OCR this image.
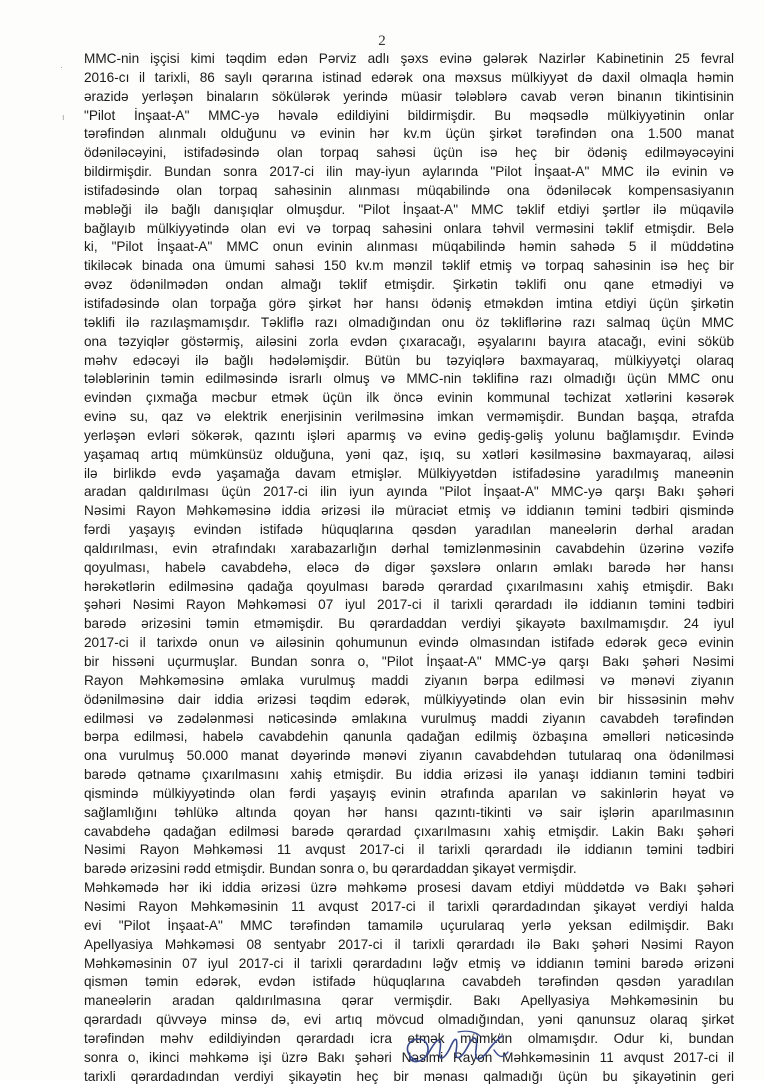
2
·
ı
MMC-nin işçisi kimi təqdim edən Pərviz adlı şəxs evinə gələrək Nazirlər Kabinetinin 25 fevral
2016-cı il tarixli, 86 saylı qərarına istinad edərək ona məxsus mülkiyyət də daxil olmaqla həmin
ərazidə yerləşən binaların sökülərək yerində müasir tələblərə cavab verən binanın tikintisinin
"Pilot İnşaat-A" MMC-yə həvalə edildiyini bildirmişdir. Bu məqsədlə mülkiyyətinin onlar
tərəfindən alınmalı olduğunu və evinin hər kv.m üçün şirkət tərəfindən ona 1.500 manat
ödəniləcəyini, istifadəsində olan torpaq sahəsi üçün isə heç bir ödəniş edilməyəcəyini
bildirmişdir. Bundan sonra 2017-ci ilin may-iyun aylarında "Pilot İnşaat-A" MMC ilə evinin və
istifadəsində olan torpaq sahəsinin alınması müqabilində ona ödəniləcək kompensasiyanın
məbləği ilə bağlı danışıqlar olmuşdur. "Pilot İnşaat-A" MMC təklif etdiyi şərtlər ilə müqavilə
bağlayıb mülkiyyətində olan evi və torpaq sahəsini onlara təhvil verməsini təklif etmişdir. Belə
ki, "Pilot İnşaat-A" MMC onun evinin alınması müqabilində həmin sahədə 5 il müddətinə
tikiləcək binada ona ümumi sahəsi 150 kv.m mənzil təklif etmiş və torpaq sahəsinin isə heç bir
əvəz ödənilmədən ondan almağı təklif etmişdir. Şirkətin təklifi onu qane etmədiyi və
istifadəsində olan torpağa görə şirkət hər hansı ödəniş etməkdən imtina etdiyi üçün şirkətin
təklifi ilə razılaşmamışdır. Təkliflə razı olmadığından onu öz təkliflərinə razı salmaq üçün MMC
ona təzyiqlər göstərmiş, ailəsini zorla evdən çıxaracağı, əşyalarını bayıra atacağı, evini söküb
məhv edəcəyi ilə bağlı hədələmişdir. Bütün bu təzyiqlərə baxmayaraq, mülkiyyətçi olaraq
tələblərinin təmin edilməsində israrlı olmuş və MMC-nin təklifinə razı olmadığı üçün MMC onu
evindən çıxmağa məcbur etmək üçün ilk öncə evinin kommunal təchizat xətlərini kəsərək
evinə su, qaz və elektrik enerjisinin verilməsinə imkan verməmişdir. Bundan başqa, ətrafda
yerləşən evləri sökərək, qazıntı işləri aparmış və evinə gediş-gəliş yolunu bağlamışdır. Evində
yaşamaq artıq mümkünsüz olduğuna, yəni qaz, işıq, su xətləri kəsilməsinə baxmayaraq, ailəsi
ilə birlikdə evdə yaşamağa davam etmişlər. Mülkiyyətdən istifadəsinə yaradılmış maneənin
aradan qaldırılması üçün 2017-ci ilin iyun ayında "Pilot İnşaat-A" MMC-yə qarşı Bakı şəhəri
Nəsimi Rayon Məhkəməsinə iddia ərizəsi ilə müraciət etmiş və iddianın təmini tədbiri qismində
fərdi yaşayış evindən istifadə hüquqlarına qəsdən yaradılan maneələrin dərhal aradan
qaldırılması, evin ətrafındakı xarabazarlığın dərhal təmizlənməsinin cavabdehin üzərinə vəzifə
qoyulması, habelə cavabdehə, eləcə də digər şəxslərə onların əmlakı barədə hər hansı
hərəkətlərin edilməsinə qadağa qoyulması barədə qərardad çıxarılmasını xahiş etmişdir. Bakı
şəhəri Nəsimi Rayon Məhkəməsi 07 iyul 2017-ci il tarixli qərardadı ilə iddianın təmini tədbiri
barədə ərizəsini təmin etməmişdir. Bu qərardaddan verdiyi şikayətə baxılmamışdır. 24 iyul
2017-ci il tarixdə onun və ailəsinin qohumunun evində olmasından istifadə edərək gecə evinin
bir hissəni uçurmuşlar. Bundan sonra o, "Pilot İnşaat-A" MMC-yə qarşı Bakı şəhəri Nəsimi
Rayon Məhkəməsinə əmlaka vurulmuş maddi ziyanın bərpa edilməsi və mənəvi ziyanın
ödənilməsinə dair iddia ərizəsi təqdim edərək, mülkiyyətində olan evin bir hissəsinin məhv
edilməsi və zədələnməsi nəticəsində əmlakına vurulmuş maddi ziyanın cavabdeh tərəfindən
bərpa edilməsi, habelə cavabdehin qanunla qadağan edilmiş özbaşına əməlləri nəticəsində
ona vurulmuş 50.000 manat dəyərində mənəvi ziyanın cavabdehdən tutularaq ona ödənilməsi
barədə qətnamə çıxarılmasını xahiş etmişdir. Bu iddia ərizəsi ilə yanaşı iddianın təmini tədbiri
qismində mülkiyyətində olan fərdi yaşayış evinin ətrafında aparılan və sakinlərin həyat və
sağlamlığını təhlükə altında qoyan hər hansı qazıntı-tikinti və sair işlərin aparılmasının
cavabdehə qadağan edilməsi barədə qərardad çıxarılmasını xahiş etmişdir. Lakin Bakı şəhəri
Nəsimi Rayon Məhkəməsi 11 avqust 2017-ci il tarixli qərardadı ilə iddianın təmini tədbiri
barədə ərizəsini rədd etmişdir. Bundan sonra o, bu qərardaddan şikayət vermişdir.
Məhkəmədə hər iki iddia ərizəsi üzrə məhkəmə prosesi davam etdiyi müddətdə və Bakı şəhəri
Nəsimi Rayon Məhkəməsinin 11 avqust 2017-ci il tarixli qərardadından şikayət verdiyi halda
evi "Pilot İnşaat-A" MMC tərəfindən tamamilə uçurularaq yerlə yeksan edilmişdir. Bakı
Apellyasiya Məhkəməsi 08 sentyabr 2017-ci il tarixli qərardadı ilə Bakı şəhəri Nəsimi Rayon
Məhkəməsinin 07 iyul 2017-ci il tarixli qərardadını ləğv etmiş və iddianın təmini barədə ərizəni
qismən təmin edərək, evdən istifadə hüquqlarına cavabdeh tərəfindən qəsdən yaradılan
maneələrin aradan qaldırılmasına qərar vermişdir. Bakı Apellyasiya Məhkəməsinin bu
qərardadı qüvvəyə minsə də, evi artıq mövcud olmadığından, yəni qanunsuz olaraq şirkət
tərəfindən məhv edildiyindən qərardadı icra etmək mümkün olmamışdır. Odur ki, bundan
sonra o, ikinci məhkəmə işi üzrə Bakı şəhəri Nəsimi Rayon Məhkəməsinin 11 avqust 2017-ci il
tarixli qərardadından verdiyi şikayətin heç bir mənası qalmadığı üçün bu şikayətinin geri
